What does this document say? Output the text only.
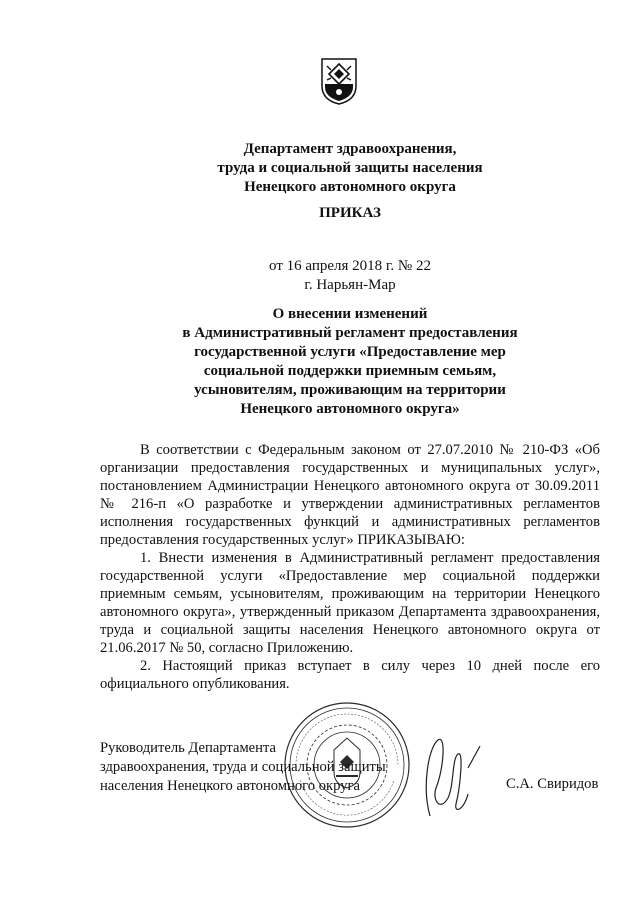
Департамент здравоохранения,
труда и социальной защиты населения
Ненецкого автономного округа
ПРИКАЗ
от 16 апреля 2018 г. № 22
г. Нарьян-Мар
О внесении изменений
в Административный регламент предоставления
государственной услуги «Предоставление мер
социальной поддержки приемным семьям,
усыновителям, проживающим на территории
Ненецкого автономного округа»

В соответствии с Федеральным законом от 27.07.2010 № 210-ФЗ «Об организации предоставления государственных и муниципальных услуг», постановлением Администрации Ненецкого автономного округа от 30.09.2011 № 216-п «О разработке и утверждении административных регламентов исполнения государственных функций и административных регламентов предоставления государственных услуг» ПРИКАЗЫВАЮ:

1. Внести изменения в Административный регламент предоставления государственной услуги «Предоставление мер социальной поддержки приемным семьям, усыновителям, проживающим на территории Ненецкого автономного округа», утвержденный приказом Департамента здравоохранения, труда и социальной защиты населения Ненецкого автономного округа от 21.06.2017 № 50, согласно Приложению.

2. Настоящий приказ вступает в силу через 10 дней после его официального опубликования.

Руководитель Департамента
здравоохранения, труда и социальной защиты
населения Ненецкого автономного округа	С.А. Свиридов
